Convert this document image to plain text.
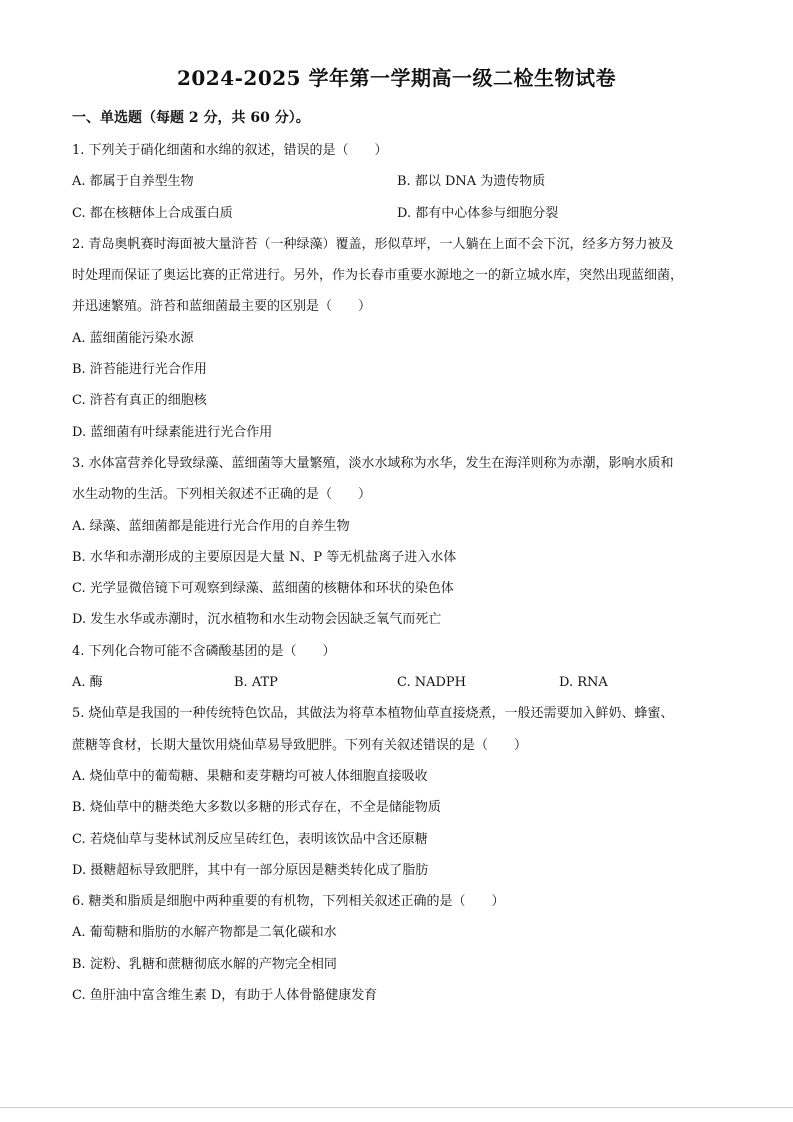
2024-2025 学年第一学期高一级二检生物试卷

一、单选题（每题 2 分，共 60 分）。

1. 下列关于硝化细菌和水绵的叙述，错误的是（　　）

A. 都属于自养型生物	B. 都以 DNA 为遗传物质
C. 都在核糖体上合成蛋白质	D. 都有中心体参与细胞分裂

2. 青岛奥帆赛时海面被大量浒苔（一种绿藻）覆盖，形似草坪，一人躺在上面不会下沉，经多方努力被及

时处理而保证了奥运比赛的正常进行。另外，作为长春市重要水源地之一的新立城水库，突然出现蓝细菌，

并迅速繁殖。浒苔和蓝细菌最主要的区别是（　　）

A. 蓝细菌能污染水源

B. 浒苔能进行光合作用

C. 浒苔有真正的细胞核

D. 蓝细菌有叶绿素能进行光合作用

3. 水体富营养化导致绿藻、蓝细菌等大量繁殖，淡水水域称为水华，发生在海洋则称为赤潮，影响水质和

水生动物的生活。下列相关叙述不正确的是（　　）

A. 绿藻、蓝细菌都是能进行光合作用的自养生物

B. 水华和赤潮形成的主要原因是大量 N、P 等无机盐离子进入水体

C. 光学显微倍镜下可观察到绿藻、蓝细菌的核糖体和环状的染色体

D. 发生水华或赤潮时，沉水植物和水生动物会因缺乏氧气而死亡

4. 下列化合物可能不含磷酸基团的是（　　）

A. 酶	B. ATP	C. NADPH	D. RNA

5. 烧仙草是我国的一种传统特色饮品，其做法为将草本植物仙草直接烧煮，一般还需要加入鲜奶、蜂蜜、

蔗糖等食材，长期大量饮用烧仙草易导致肥胖。下列有关叙述错误的是（　　）

A. 烧仙草中的葡萄糖、果糖和麦芽糖均可被人体细胞直接吸收

B. 烧仙草中的糖类绝大多数以多糖的形式存在，不全是储能物质

C. 若烧仙草与斐林试剂反应呈砖红色，表明该饮品中含还原糖

D. 摄糖超标导致肥胖，其中有一部分原因是糖类转化成了脂肪

6. 糖类和脂质是细胞中两种重要的有机物，下列相关叙述正确的是（　　）

A. 葡萄糖和脂肪的水解产物都是二氧化碳和水

B. 淀粉、乳糖和蔗糖彻底水解的产物完全相同

C. 鱼肝油中富含维生素 D，有助于人体骨骼健康发育
